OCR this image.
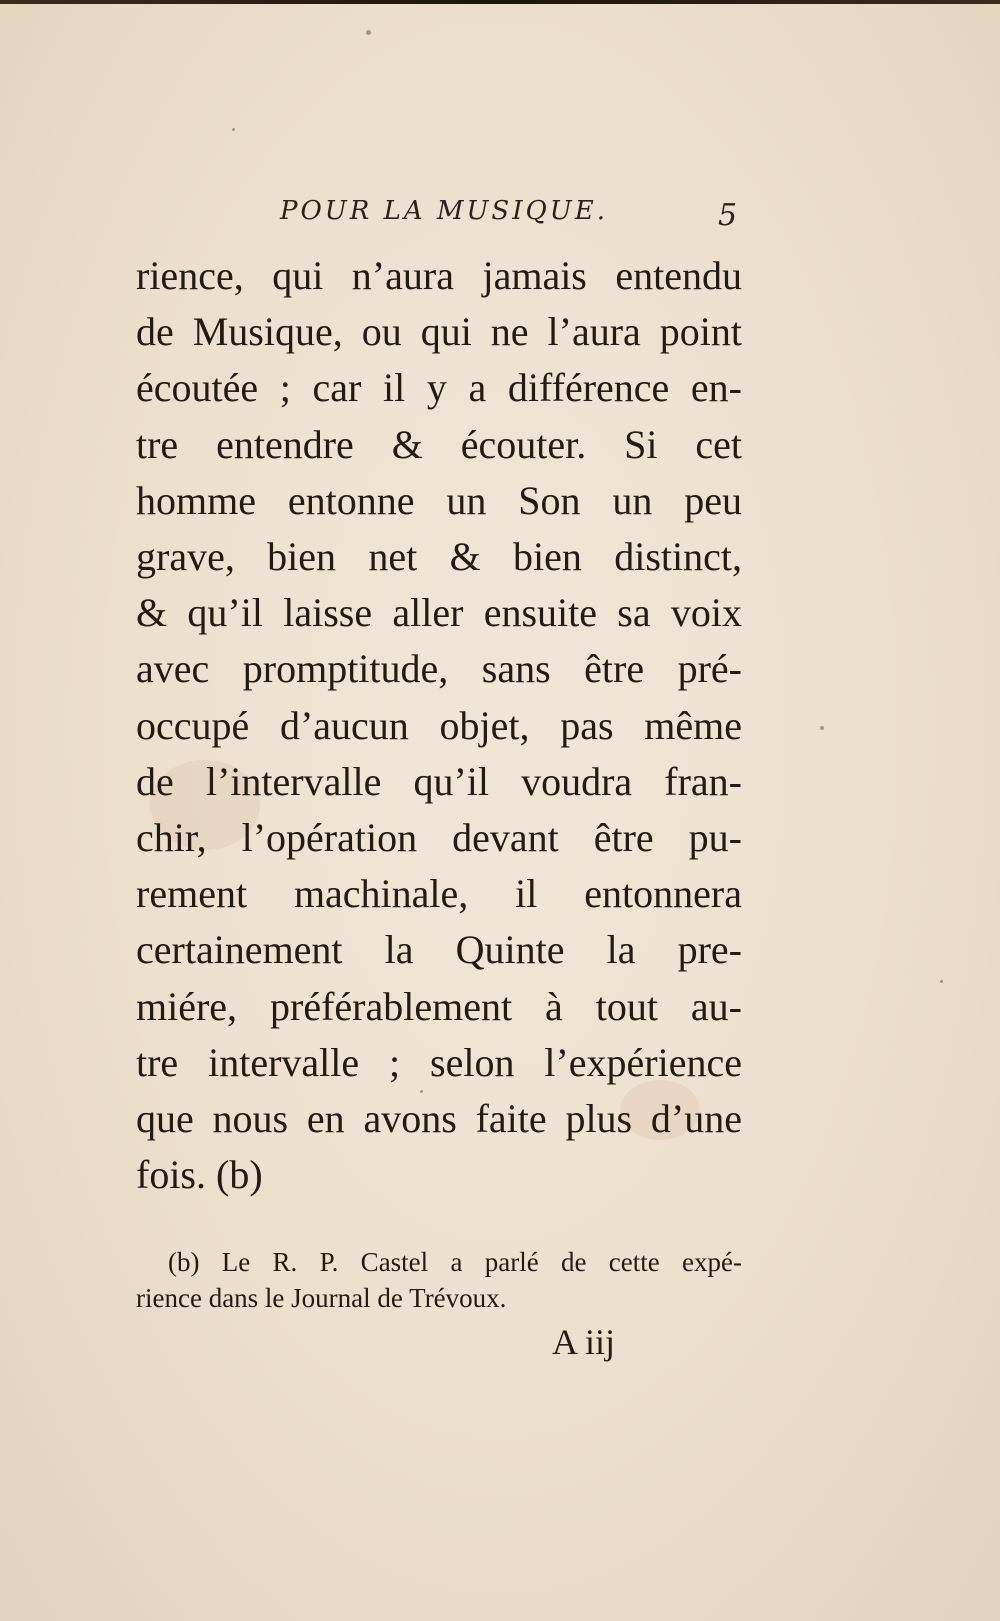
POUR LA MUSIQUE.	5
rience, qui n’aura jamais entendu
de Musique, ou qui ne l’aura point
écoutée ; car il y a différence en-
tre entendre & écouter. Si cet
homme entonne un Son un peu
grave, bien net & bien distinct,
& qu’il laisse aller ensuite sa voix
avec promptitude, sans être pré-
occupé d’aucun objet, pas même
de l’intervalle qu’il voudra fran-
chir, l’opération devant être pu-
rement machinale, il entonnera
certainement la Quinte la pre-
miére, préférablement à tout au-
tre intervalle ; selon l’expérience
que nous en avons faite plus d’une
fois. (b)
(b) Le R. P. Castel a parlé de cette expé-
rience dans le Journal de Trévoux.
A iij
